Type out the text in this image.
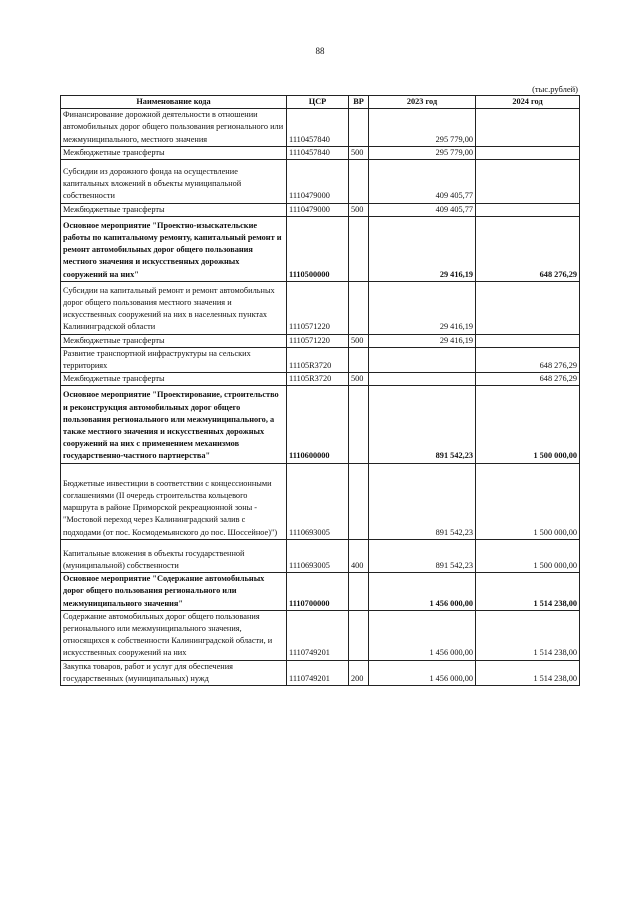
88
(тыс.рублей)
Наименование кода	ЦСР	ВР	2023 год	2024 год
Финансирование дорожной деятельности в отношении автомобильных дорог общего пользования регионального или межмуниципального, местного значения	1110457840		295 779,00	
Межбюджетные трансферты	1110457840	500	295 779,00	
Субсидии из дорожного фонда на осуществление капитальных вложений в объекты муниципальной собственности	1110479000		409 405,77	
Межбюджетные трансферты	1110479000	500	409 405,77	
Основное мероприятие "Проектно-изыскательские работы по капитальному ремонту, капитальный ремонт и ремонт автомобильных дорог общего пользования местного значения и искусственных дорожных сооружений на них"	1110500000		29 416,19	648 276,29
Субсидии на капитальный ремонт и ремонт автомобильных дорог общего пользования местного значения и искусственных сооружений на них в населенных пунктах Калининградской области	1110571220		29 416,19	
Межбюджетные трансферты	1110571220	500	29 416,19	
Развитие транспортной инфраструктуры на сельских территориях	11105R3720			648 276,29
Межбюджетные трансферты	11105R3720	500		648 276,29
Основное мероприятие "Проектирование, строительство и реконструкция автомобильных дорог общего пользования регионального или межмуниципального, а также местного значения и искусственных дорожных сооружений на них с применением механизмов государственно-частного партнерства"	1110600000		891 542,23	1 500 000,00
Бюджетные инвестиции в соответствии с концессионными соглашениями (II очередь строительства кольцевого маршрута в районе Приморской рекреационной зоны - "Мостовой переход через Калининградский залив с подходами (от пос. Космодемьянского до пос. Шоссейное)")	1110693005		891 542,23	1 500 000,00
Капитальные вложения в объекты государственной (муниципальной) собственности	1110693005	400	891 542,23	1 500 000,00
Основное мероприятие "Содержание автомобильных дорог общего пользования регионального или межмуниципального значения"	1110700000		1 456 000,00	1 514 238,00
Содержание автомобильных дорог общего пользования регионального или межмуниципального значения, относящихся к собственности Калининградской области, и искусственных сооружений на них	1110749201		1 456 000,00	1 514 238,00
Закупка товаров, работ и услуг для обеспечения государственных (муниципальных) нужд	1110749201	200	1 456 000,00	1 514 238,00
